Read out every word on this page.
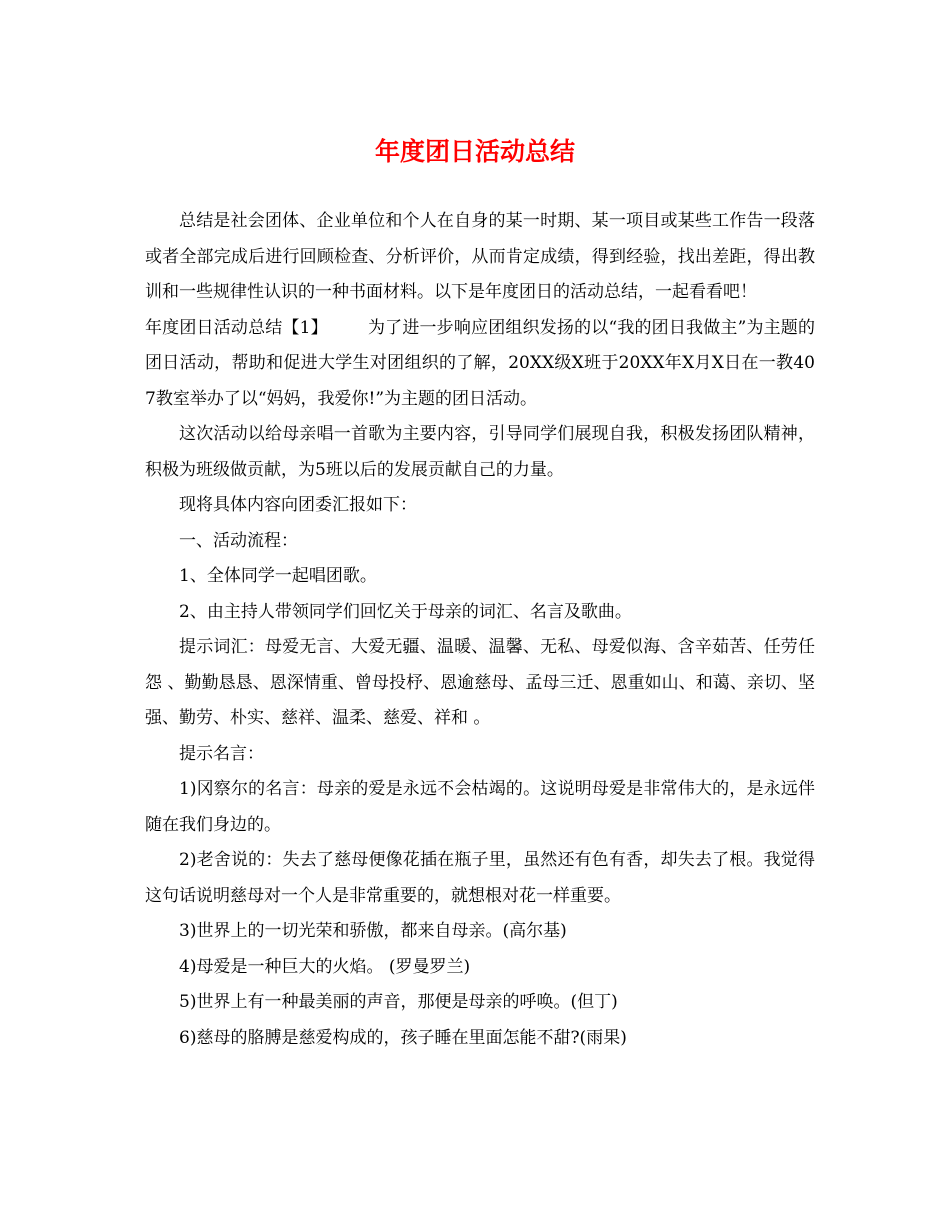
年度团日活动总结

总结是社会团体、企业单位和个人在自身的某一时期、某一项目或某些工作告一段落或者全部完成后进行回顾检查、分析评价，从而肯定成绩，得到经验，找出差距，得出教训和一些规律性认识的一种书面材料。以下是年度团日的活动总结，一起看看吧！

年度团日活动总结【1】 为了进一步响应团组织发扬的以“我的团日我做主”为主题的团日活动，帮助和促进大学生对团组织的了解，20XX级X班于20XX年X月X日在一教407教室举办了以“妈妈，我爱你!”为主题的团日活动。

这次活动以给母亲唱一首歌为主要内容，引导同学们展现自我，积极发扬团队精神，积极为班级做贡献，为5班以后的发展贡献自己的力量。

现将具体内容向团委汇报如下：

一、活动流程：

1、全体同学一起唱团歌。

2、由主持人带领同学们回忆关于母亲的词汇、名言及歌曲。

提示词汇：母爱无言、大爱无疆、温暖、温馨、无私、母爱似海、含辛茹苦、任劳任怨 、勤勤恳恳、恩深情重、曾母投杼、恩逾慈母、孟母三迁、恩重如山、和蔼、亲切、坚强、勤劳、朴实、慈祥、温柔、慈爱、祥和 。

提示名言：

1)冈察尔的名言：母亲的爱是永远不会枯竭的。这说明母爱是非常伟大的，是永远伴随在我们身边的。

2)老舍说的：失去了慈母便像花插在瓶子里，虽然还有色有香，却失去了根。我觉得这句话说明慈母对一个人是非常重要的，就想根对花一样重要。

3)世界上的一切光荣和骄傲，都来自母亲。(高尔基)

4)母爱是一种巨大的火焰。 (罗曼罗兰)

5)世界上有一种最美丽的声音，那便是母亲的呼唤。(但丁)

6)慈母的胳膊是慈爱构成的，孩子睡在里面怎能不甜?(雨果)
